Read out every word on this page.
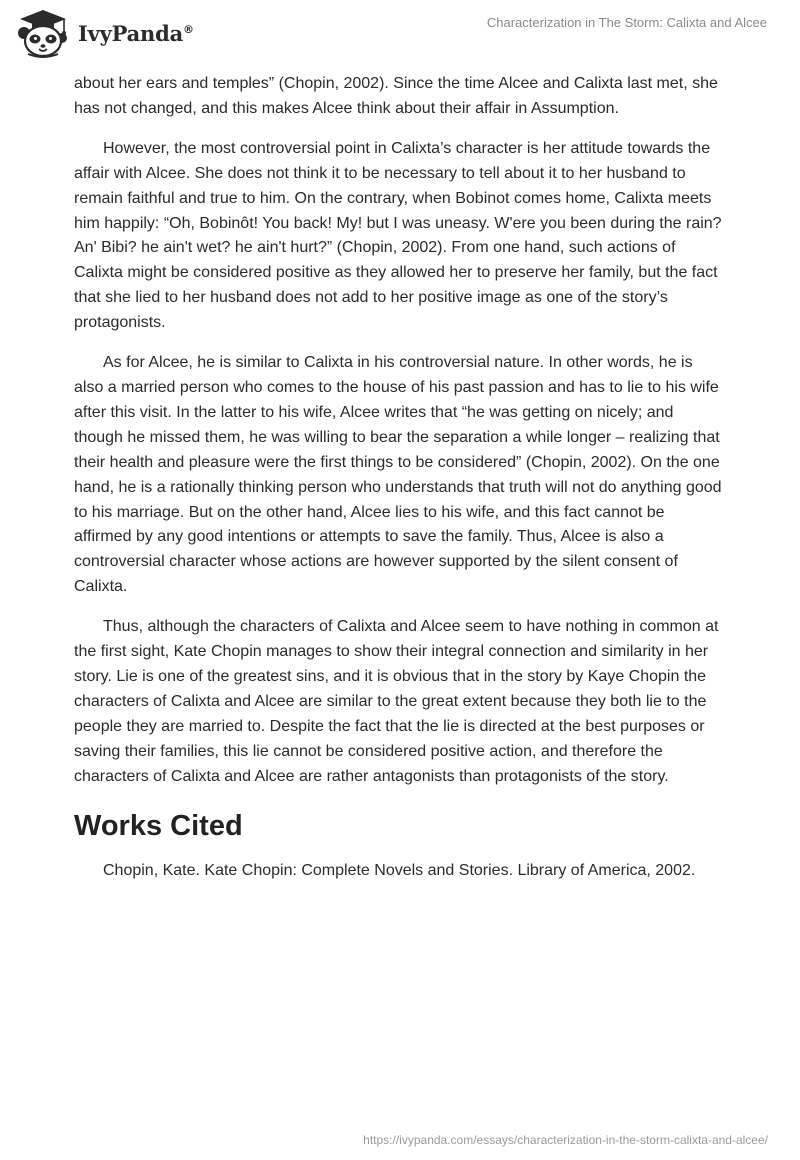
IvyPanda®	Characterization in The Storm: Calixta and Alcee

about her ears and temples” (Chopin, 2002). Since the time Alcee and Calixta last met, she has not changed, and this makes Alcee think about their affair in Assumption.

However, the most controversial point in Calixta’s character is her attitude towards the affair with Alcee. She does not think it to be necessary to tell about it to her husband to remain faithful and true to him. On the contrary, when Bobinot comes home, Calixta meets him happily: “Oh, Bobinôt! You back! My! but I was uneasy. W'ere you been during the rain? An' Bibi? he ain't wet? he ain't hurt?” (Chopin, 2002). From one hand, such actions of Calixta might be considered positive as they allowed her to preserve her family, but the fact that she lied to her husband does not add to her positive image as one of the story’s protagonists.

As for Alcee, he is similar to Calixta in his controversial nature. In other words, he is also a married person who comes to the house of his past passion and has to lie to his wife after this visit. In the latter to his wife, Alcee writes that “he was getting on nicely; and though he missed them, he was willing to bear the separation a while longer – realizing that their health and pleasure were the first things to be considered” (Chopin, 2002). On the one hand, he is a rationally thinking person who understands that truth will not do anything good to his marriage. But on the other hand, Alcee lies to his wife, and this fact cannot be affirmed by any good intentions or attempts to save the family. Thus, Alcee is also a controversial character whose actions are however supported by the silent consent of Calixta.

Thus, although the characters of Calixta and Alcee seem to have nothing in common at the first sight, Kate Chopin manages to show their integral connection and similarity in her story. Lie is one of the greatest sins, and it is obvious that in the story by Kaye Chopin the characters of Calixta and Alcee are similar to the great extent because they both lie to the people they are married to. Despite the fact that the lie is directed at the best purposes or saving their families, this lie cannot be considered positive action, and therefore the characters of Calixta and Alcee are rather antagonists than protagonists of the story.

Works Cited

Chopin, Kate. Kate Chopin: Complete Novels and Stories. Library of America, 2002.

https://ivypanda.com/essays/characterization-in-the-storm-calixta-and-alcee/
